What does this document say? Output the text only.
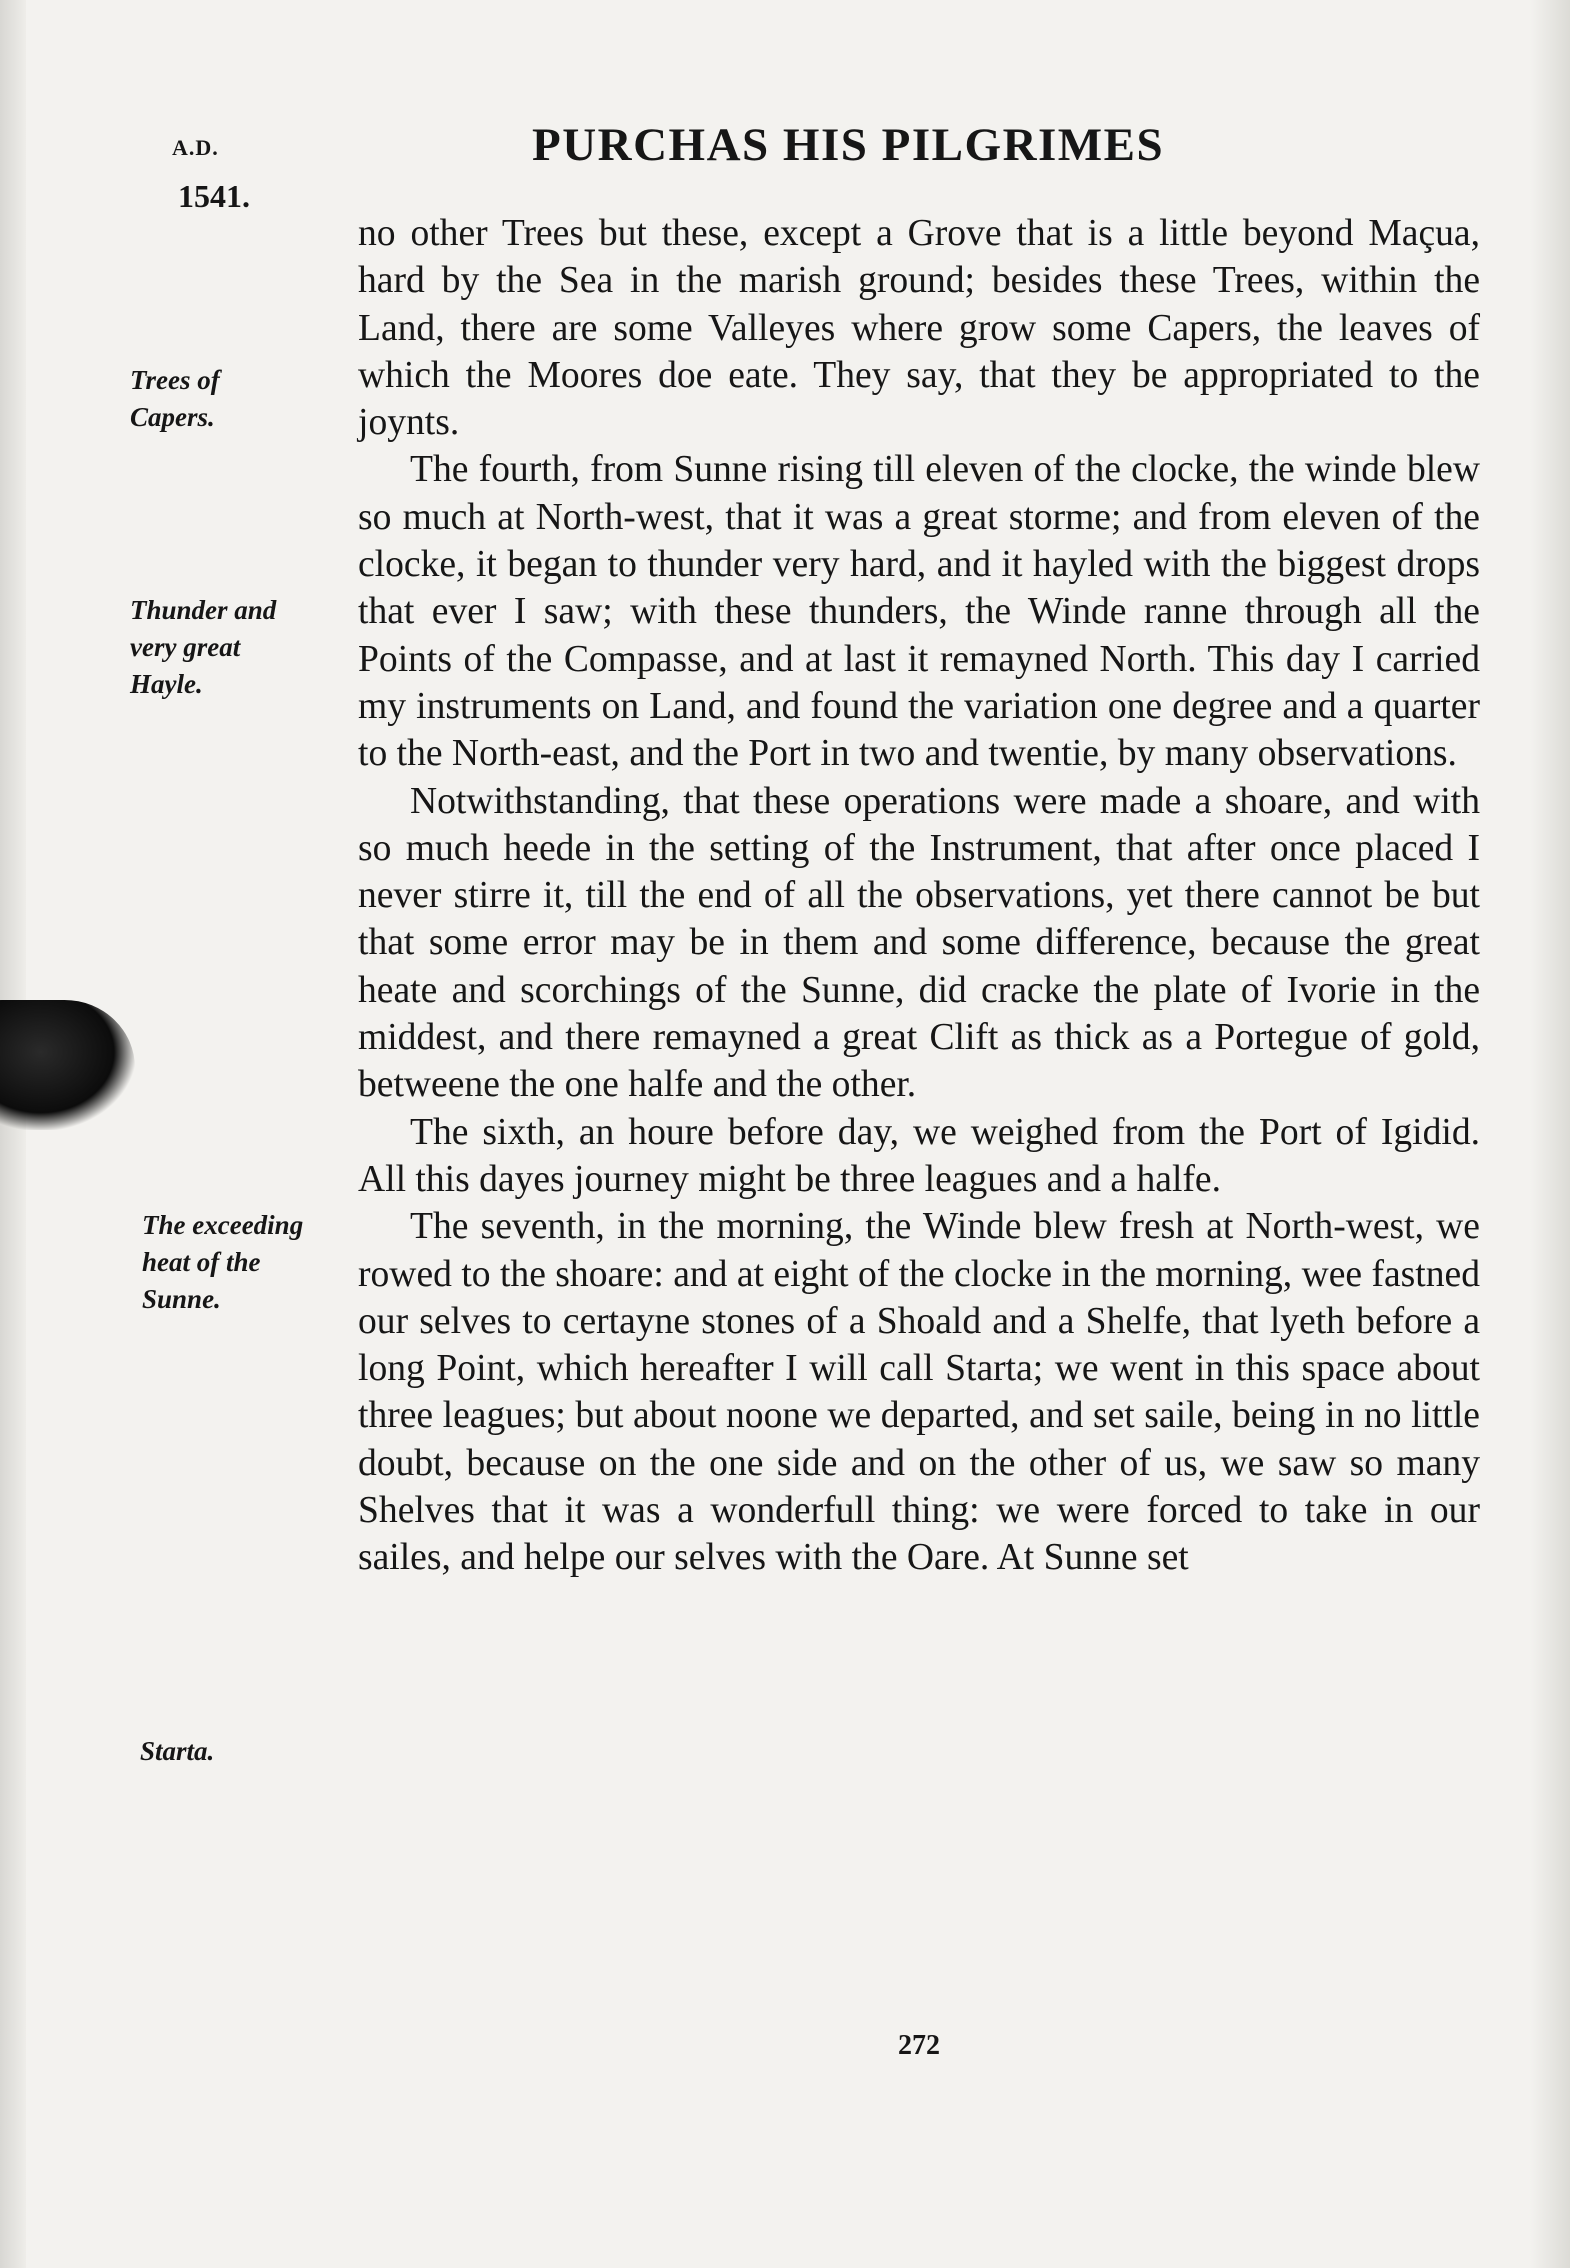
A.D.
1541.
PURCHAS HIS PILGRIMES
Trees of
Capers.
Thunder and
very great
Hayle.
The exceeding
heat of the
Sunne.
Starta.

no other Trees but these, except a Grove that is a little beyond Maçua, hard by the Sea in the marish ground; besides these Trees, within the Land, there are some Valleyes where grow some Capers, the leaves of which the Moores doe eate. They say, that they be appropriated to the joynts.

The fourth, from Sunne rising till eleven of the clocke, the winde blew so much at North-west, that it was a great storme; and from eleven of the clocke, it began to thunder very hard, and it hayled with the biggest drops that ever I saw; with these thunders, the Winde ranne through all the Points of the Compasse, and at last it remayned North. This day I carried my instruments on Land, and found the variation one degree and a quarter to the North-east, and the Port in two and twentie, by many observations.

Notwithstanding, that these operations were made a shoare, and with so much heede in the setting of the Instrument, that after once placed I never stirre it, till the end of all the observations, yet there cannot be but that some error may be in them and some difference, because the great heate and scorchings of the Sunne, did cracke the plate of Ivorie in the middest, and there remayned a great Clift as thick as a Portegue of gold, betweene the one halfe and the other.

The sixth, an houre before day, we weighed from the Port of Igidid. All this dayes journey might be three leagues and a halfe.

The seventh, in the morning, the Winde blew fresh at North-west, we rowed to the shoare: and at eight of the clocke in the morning, wee fastned our selves to certayne stones of a Shoald and a Shelfe, that lyeth before a long Point, which hereafter I will call Starta; we went in this space about three leagues; but about noone we departed, and set saile, being in no little doubt, because on the one side and on the other of us, we saw so many Shelves that it was a wonderfull thing: we were forced to take in our sailes, and helpe our selves with the Oare. At Sunne set

272
